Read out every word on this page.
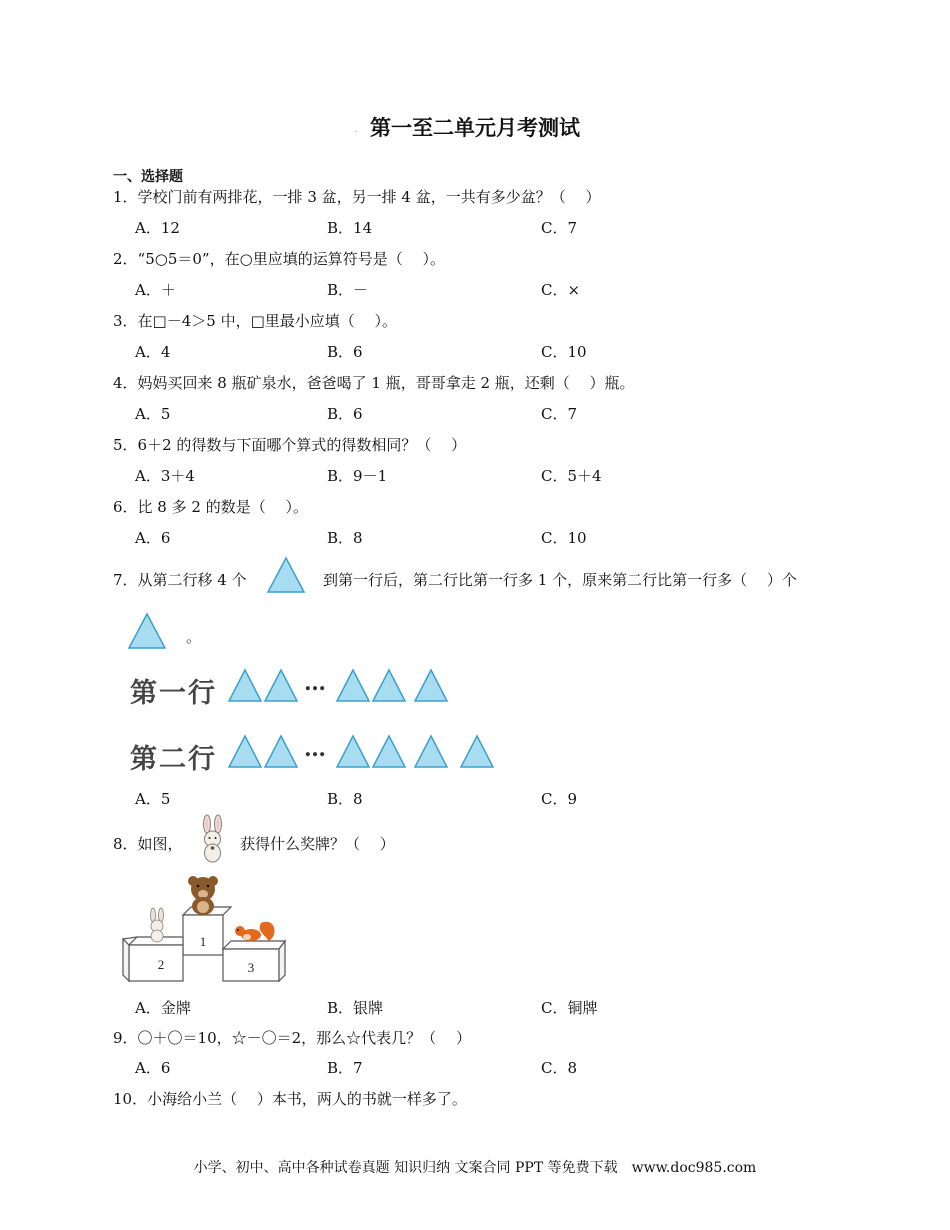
. 第一至二单元月考测试
一、选择题
1．学校门前有两排花，一排 3 盆，另一排 4 盆，一共有多少盆？（　 ）
A．12	B．14	C．7
2．“5○5＝0”，在○里应填的运算符号是（　 ）。
A．＋	B．－	C．×
3．在□－4＞5 中，□里最小应填（　 ）。
A．4	B．6	C．10
4．妈妈买回来 8 瓶矿泉水，爸爸喝了 1 瓶，哥哥拿走 2 瓶，还剩（　 ）瓶。
A．5	B．6	C．7
5．6＋2 的得数与下面哪个算式的得数相同？（　 ）
A．3＋4	B．9－1	C．5＋4
6．比 8 多 2 的数是（　 ）。
A．6	B．8	C．10
7．从第二行移 4 个	到第一行后，第二行比第一行多 1 个，原来第二行比第一行多（　 ）个
。
第一行	…
第二行	…
A．5	B．8	C．9
8．如图，	获得什么奖牌？（　 ）
1
2	3
A．金牌	B．银牌	C．铜牌
9．〇＋〇＝10，☆－〇＝2，那么☆代表几？（　 ）
A．6	B．7	C．8
10．小海给小兰（　 ）本书，两人的书就一样多了。
小学、初中、高中各种试卷真题 知识归纳 文案合同 PPT 等免费下载　www.doc985.com
